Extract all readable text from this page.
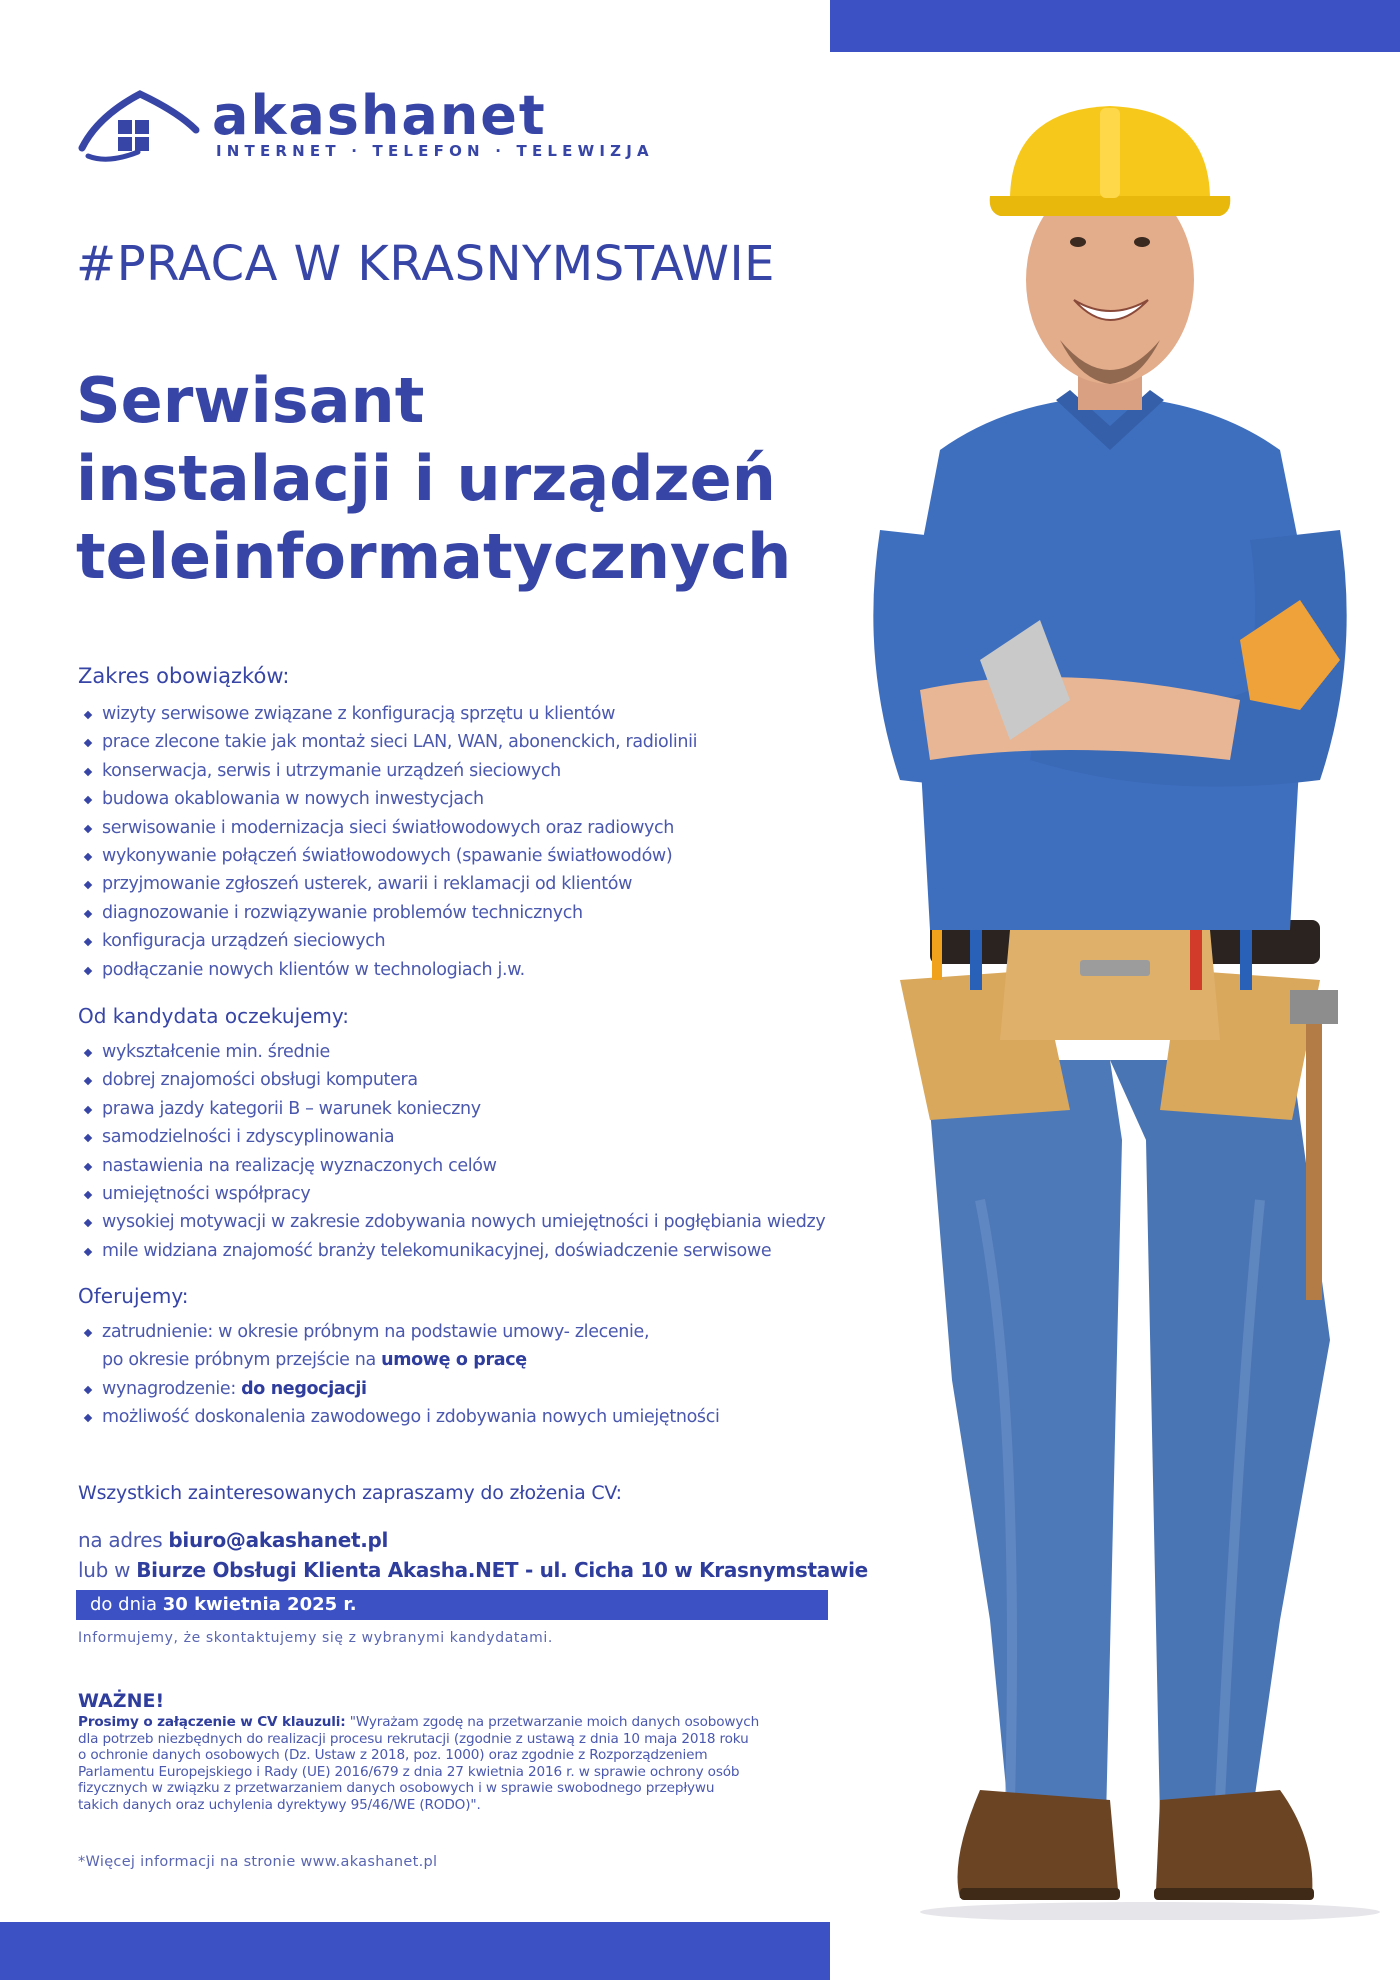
akashanet
INTERNET · TELEFON · TELEWIZJA
#PRACA W KRASNYMSTAWIE
Serwisant
instalacji i urządzeń
teleinformatycznych
Zakres obowiązków:
wizyty serwisowe związane z konfiguracją sprzętu u klientów
prace zlecone takie jak montaż sieci LAN, WAN, abonenckich, radiolinii
konserwacja, serwis i utrzymanie urządzeń sieciowych
budowa okablowania w nowych inwestycjach
serwisowanie i modernizacja sieci światłowodowych oraz radiowych
wykonywanie połączeń światłowodowych (spawanie światłowodów)
przyjmowanie zgłoszeń usterek, awarii i reklamacji od klientów
diagnozowanie i rozwiązywanie problemów technicznych
konfiguracja urządzeń sieciowych
podłączanie nowych klientów w technologiach j.w.
Od kandydata oczekujemy:
wykształcenie min. średnie
dobrej znajomości obsługi komputera
prawa jazdy kategorii B – warunek konieczny
samodzielności i zdyscyplinowania
nastawienia na realizację wyznaczonych celów
umiejętności współpracy
wysokiej motywacji w zakresie zdobywania nowych umiejętności i pogłębiania wiedzy
mile widziana znajomość branży telekomunikacyjnej, doświadczenie serwisowe
Oferujemy:
zatrudnienie: w okresie próbnym na podstawie umowy- zlecenie,
po okresie próbnym przejście na umowę o pracę
wynagrodzenie: do negocjacji
możliwość doskonalenia zawodowego i zdobywania nowych umiejętności
Wszystkich zainteresowanych zapraszamy do złożenia CV:
na adres biuro@akashanet.pl
lub w Biurze Obsługi Klienta Akasha.NET - ul. Cicha 10 w Krasnymstawie
do dnia 30 kwietnia 2025 r.
Informujemy, że skontaktujemy się z wybranymi kandydatami.
WAŻNE!
Prosimy o załączenie w CV klauzuli: "Wyrażam zgodę na przetwarzanie moich danych osobowych
dla potrzeb niezbędnych do realizacji procesu rekrutacji (zgodnie z ustawą z dnia 10 maja 2018 roku
o ochronie danych osobowych (Dz. Ustaw z 2018, poz. 1000) oraz zgodnie z Rozporządzeniem
Parlamentu Europejskiego i Rady (UE) 2016/679 z dnia 27 kwietnia 2016 r. w sprawie ochrony osób
fizycznych w związku z przetwarzaniem danych osobowych i w sprawie swobodnego przepływu
takich danych oraz uchylenia dyrektywy 95/46/WE (RODO)".
*Więcej informacji na stronie www.akashanet.pl
